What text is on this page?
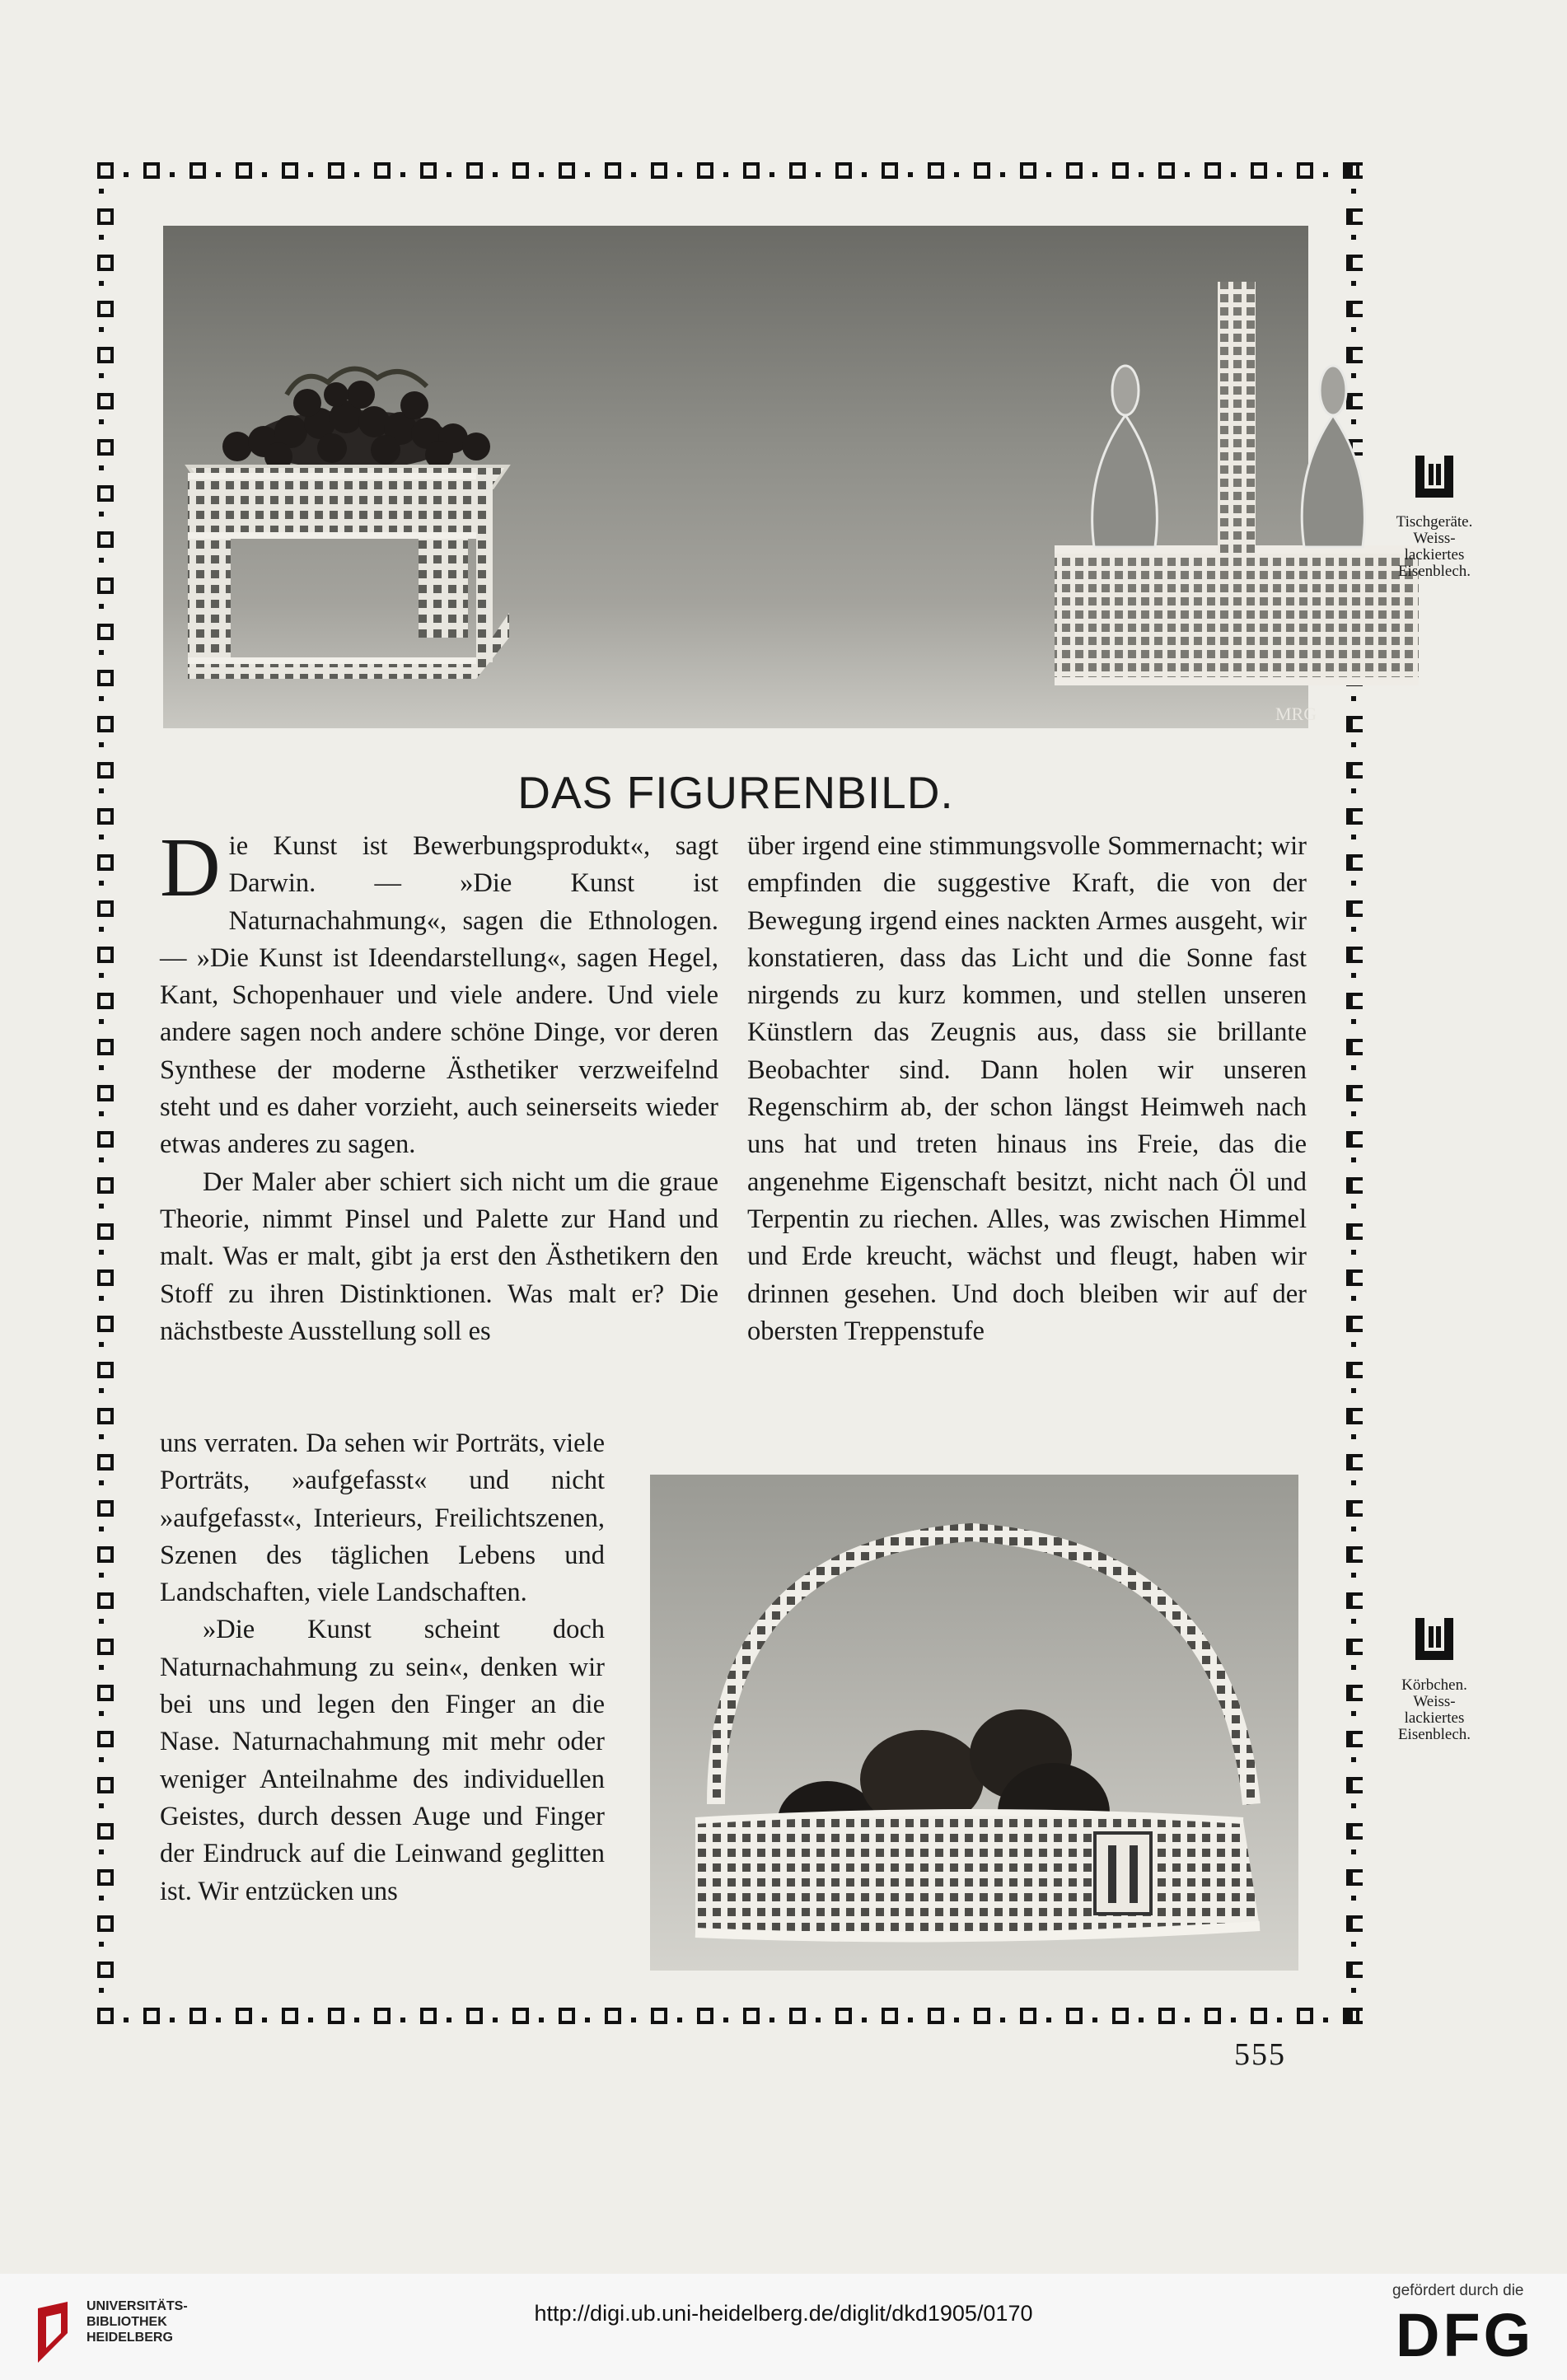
MRG
Tischgeräte.
Weiss-
lackiertes
Eisenblech.
DAS FIGURENBILD.

Die Kunst ist Bewerbungsprodukt«, sagt Darwin. — »Die Kunst ist Naturnachahmung«, sagen die Ethnologen. — »Die Kunst ist Ideendarstellung«, sagen Hegel, Kant, Schopenhauer und viele andere. Und viele andere sagen noch andere schöne Dinge, vor deren Synthese der moderne Ästhetiker verzweifelnd steht und es daher vorzieht, auch seinerseits wieder etwas anderes zu sagen.

Der Maler aber schiert sich nicht um die graue Theorie, nimmt Pinsel und Palette zur Hand und malt. Was er malt, gibt ja erst den Ästhetikern den Stoff zu ihren Distinktionen. Was malt er? Die nächstbeste Ausstellung soll es

uns verraten. Da sehen wir Porträts, viele Porträts, »aufgefasst« und nicht »aufgefasst«, Interieurs, Freilichtszenen, Szenen des täglichen Lebens und Landschaften, viele Landschaften.

»Die Kunst scheint doch Naturnachahmung zu sein«, denken wir bei uns und legen den Finger an die Nase. Naturnachahmung mit mehr oder weniger Anteilnahme des individuellen Geistes, durch dessen Auge und Finger der Eindruck auf die Leinwand geglitten ist. Wir entzücken uns

über irgend eine stimmungsvolle Sommernacht; wir empfinden die suggestive Kraft, die von der Bewegung irgend eines nackten Armes ausgeht, wir konstatieren, dass das Licht und die Sonne fast nirgends zu kurz kommen, und stellen unseren Künstlern das Zeugnis aus, dass sie brillante Beobachter sind. Dann holen wir unseren Regenschirm ab, der schon längst Heimweh nach uns hat und treten hinaus ins Freie, das die angenehme Eigenschaft besitzt, nicht nach Öl und Terpentin zu riechen. Alles, was zwischen Himmel und Erde kreucht, wächst und fleugt, haben wir drinnen gesehen. Und doch bleiben wir auf der obersten Treppenstufe

Körbchen.
Weiss-
lackiertes
Eisenblech.
555
UNIVERSITÄTS-
BIBLIOTHEK
HEIDELBERG
http://digi.ub.uni-heidelberg.de/diglit/dkd1905/0170
gefördert durch die
DFG
